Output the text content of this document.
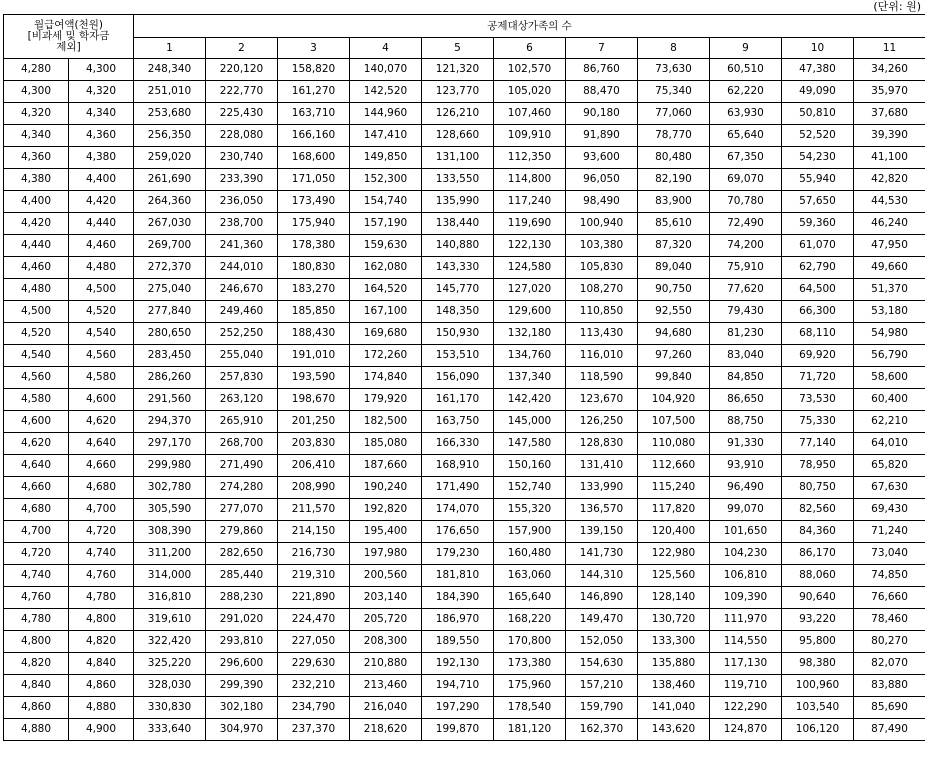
(단위: 원)
월급여액(천원)
[비과세 및 학자금
제외]		공제대상가족의 수										
		1	2	3	4	5	6	7	8	9	10	11
4,280	4,300	248,340	220,120	158,820	140,070	121,320	102,570	86,760	73,630	60,510	47,380	34,260
4,300	4,320	251,010	222,770	161,270	142,520	123,770	105,020	88,470	75,340	62,220	49,090	35,970
4,320	4,340	253,680	225,430	163,710	144,960	126,210	107,460	90,180	77,060	63,930	50,810	37,680
4,340	4,360	256,350	228,080	166,160	147,410	128,660	109,910	91,890	78,770	65,640	52,520	39,390
4,360	4,380	259,020	230,740	168,600	149,850	131,100	112,350	93,600	80,480	67,350	54,230	41,100
4,380	4,400	261,690	233,390	171,050	152,300	133,550	114,800	96,050	82,190	69,070	55,940	42,820
4,400	4,420	264,360	236,050	173,490	154,740	135,990	117,240	98,490	83,900	70,780	57,650	44,530
4,420	4,440	267,030	238,700	175,940	157,190	138,440	119,690	100,940	85,610	72,490	59,360	46,240
4,440	4,460	269,700	241,360	178,380	159,630	140,880	122,130	103,380	87,320	74,200	61,070	47,950
4,460	4,480	272,370	244,010	180,830	162,080	143,330	124,580	105,830	89,040	75,910	62,790	49,660
4,480	4,500	275,040	246,670	183,270	164,520	145,770	127,020	108,270	90,750	77,620	64,500	51,370
4,500	4,520	277,840	249,460	185,850	167,100	148,350	129,600	110,850	92,550	79,430	66,300	53,180
4,520	4,540	280,650	252,250	188,430	169,680	150,930	132,180	113,430	94,680	81,230	68,110	54,980
4,540	4,560	283,450	255,040	191,010	172,260	153,510	134,760	116,010	97,260	83,040	69,920	56,790
4,560	4,580	286,260	257,830	193,590	174,840	156,090	137,340	118,590	99,840	84,850	71,720	58,600
4,580	4,600	291,560	263,120	198,670	179,920	161,170	142,420	123,670	104,920	86,650	73,530	60,400
4,600	4,620	294,370	265,910	201,250	182,500	163,750	145,000	126,250	107,500	88,750	75,330	62,210
4,620	4,640	297,170	268,700	203,830	185,080	166,330	147,580	128,830	110,080	91,330	77,140	64,010
4,640	4,660	299,980	271,490	206,410	187,660	168,910	150,160	131,410	112,660	93,910	78,950	65,820
4,660	4,680	302,780	274,280	208,990	190,240	171,490	152,740	133,990	115,240	96,490	80,750	67,630
4,680	4,700	305,590	277,070	211,570	192,820	174,070	155,320	136,570	117,820	99,070	82,560	69,430
4,700	4,720	308,390	279,860	214,150	195,400	176,650	157,900	139,150	120,400	101,650	84,360	71,240
4,720	4,740	311,200	282,650	216,730	197,980	179,230	160,480	141,730	122,980	104,230	86,170	73,040
4,740	4,760	314,000	285,440	219,310	200,560	181,810	163,060	144,310	125,560	106,810	88,060	74,850
4,760	4,780	316,810	288,230	221,890	203,140	184,390	165,640	146,890	128,140	109,390	90,640	76,660
4,780	4,800	319,610	291,020	224,470	205,720	186,970	168,220	149,470	130,720	111,970	93,220	78,460
4,800	4,820	322,420	293,810	227,050	208,300	189,550	170,800	152,050	133,300	114,550	95,800	80,270
4,820	4,840	325,220	296,600	229,630	210,880	192,130	173,380	154,630	135,880	117,130	98,380	82,070
4,840	4,860	328,030	299,390	232,210	213,460	194,710	175,960	157,210	138,460	119,710	100,960	83,880
4,860	4,880	330,830	302,180	234,790	216,040	197,290	178,540	159,790	141,040	122,290	103,540	85,690
4,880	4,900	333,640	304,970	237,370	218,620	199,870	181,120	162,370	143,620	124,870	106,120	87,490
